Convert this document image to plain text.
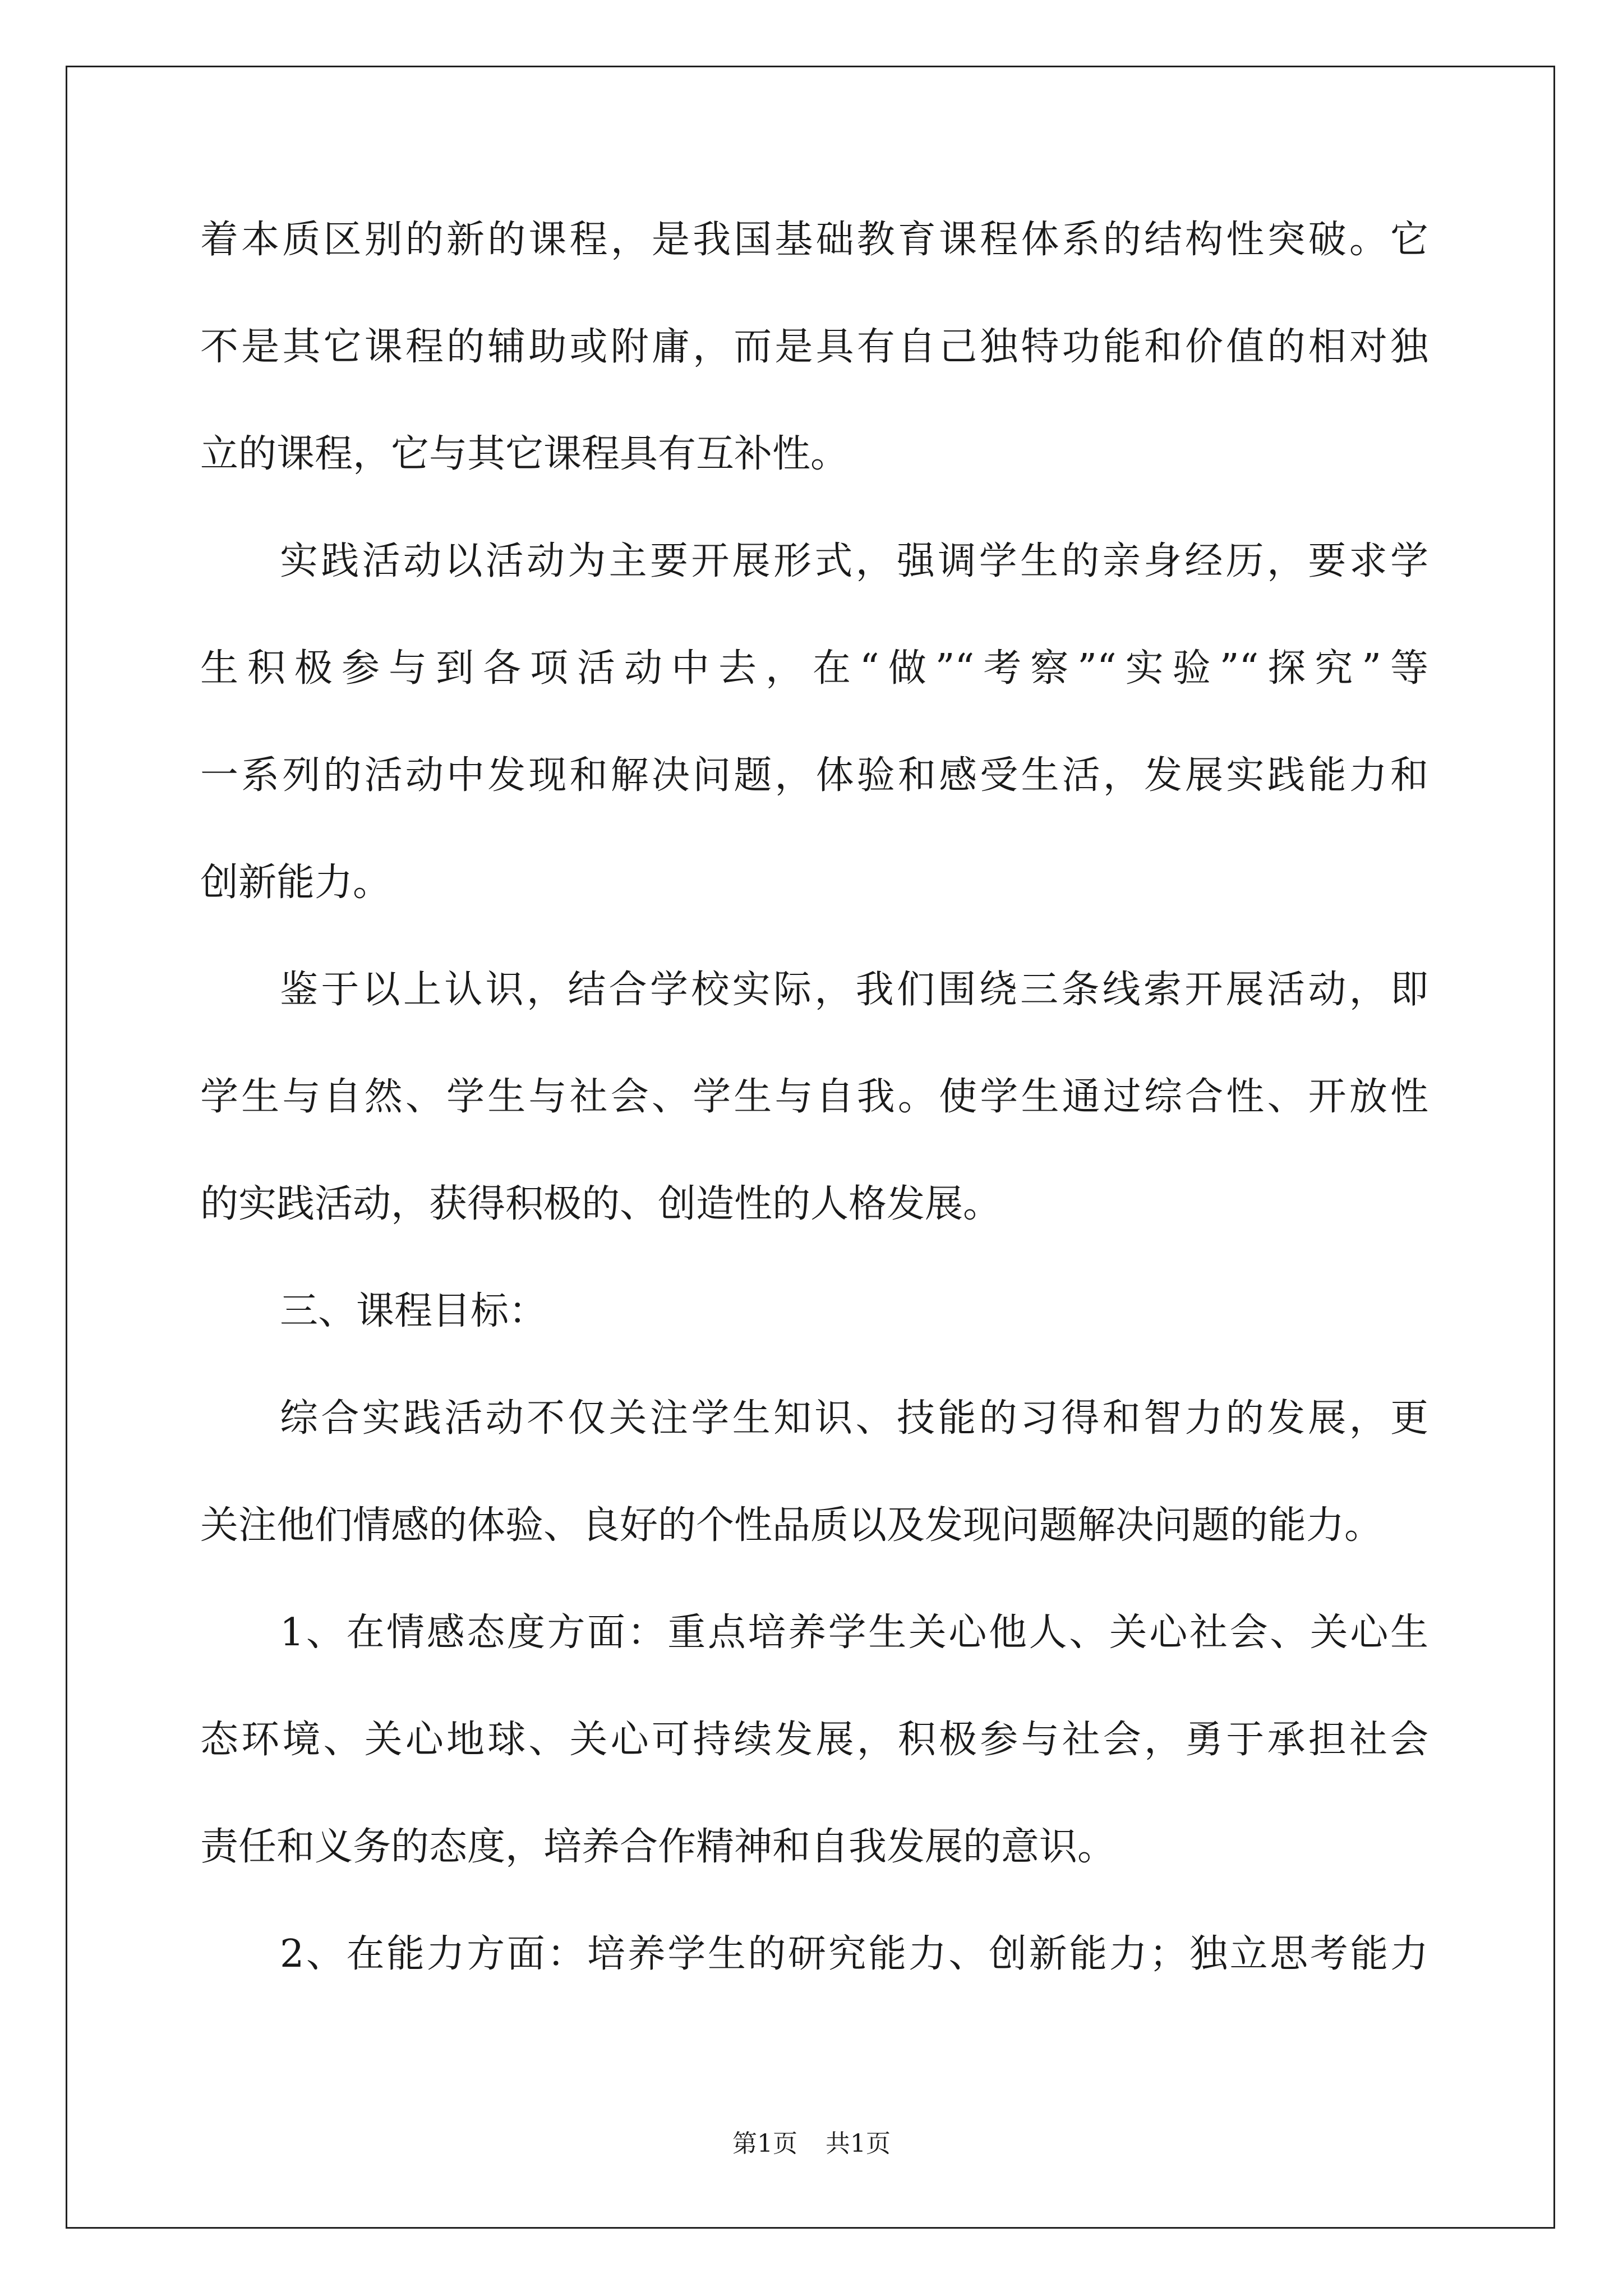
着本质区别的新的课程，是我国基础教育课程体系的结构性突破。它
不是其它课程的辅助或附庸，而是具有自己独特功能和价值的相对独
立的课程，它与其它课程具有互补性。
实践活动以活动为主要开展形式，强调学生的亲身经历，要求学
生积极参与到各项活动中去，在“做”“考察”“实验”“探究”等
一系列的活动中发现和解决问题，体验和感受生活，发展实践能力和
创新能力。
鉴于以上认识，结合学校实际，我们围绕三条线索开展活动，即
学生与自然、学生与社会、学生与自我。使学生通过综合性、开放性
的实践活动，获得积极的、创造性的人格发展。
三、课程目标：
综合实践活动不仅关注学生知识、技能的习得和智力的发展，更
关注他们情感的体验、良好的个性品质以及发现问题解决问题的能力。
1、在情感态度方面：重点培养学生关心他人、关心社会、关心生
态环境、关心地球、关心可持续发展，积极参与社会，勇于承担社会
责任和义务的态度，培养合作精神和自我发展的意识。
2、在能力方面：培养学生的研究能力、创新能力；独立思考能力
第1页 共1页
